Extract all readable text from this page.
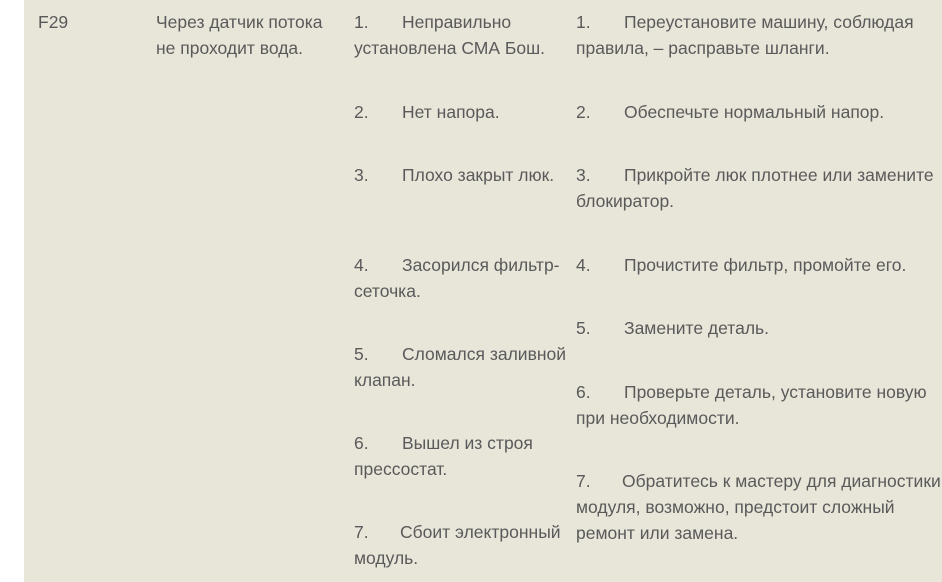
F29	Через датчик потока не проходит вода.

1. Неправильно установлена СМА Бош.

2. Нет напора.

3. Плохо закрыт люк.

4. Засорился фильтр-сеточка.

5. Сломался заливной клапан.

6. Вышел из строя прессостат.

7. Сбоит электронный модуль.

1. Переустановите машину, соблюдая правила, – расправьте шланги.

2. Обеспечьте нормальный напор.

3. Прикройте люк плотнее или замените блокиратор.

4. Прочистите фильтр, промойте его.

5. Замените деталь.

6. Проверьте деталь, установите новую при необходимости.

7. Обратитесь к мастеру для диагностики модуля, возможно, предстоит сложный ремонт или замена.
